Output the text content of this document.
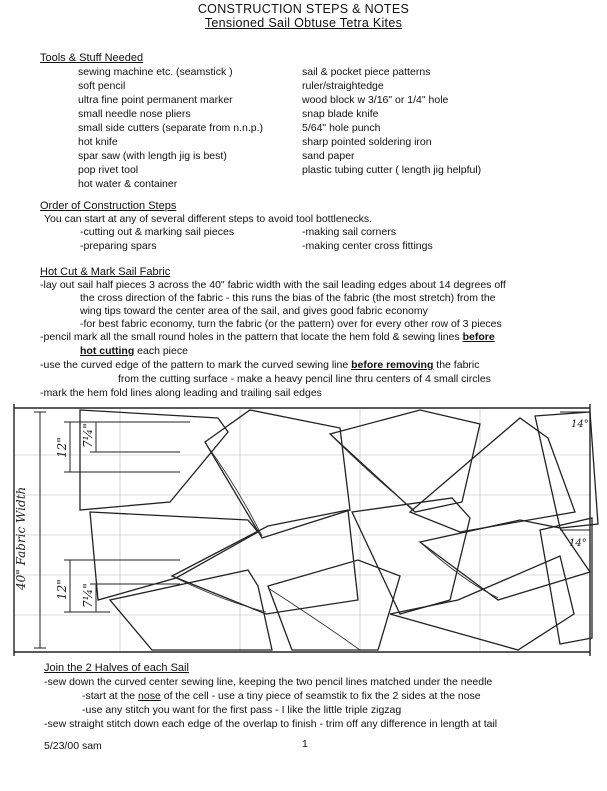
CONSTRUCTION STEPS & NOTES
Tensioned Sail Obtuse Tetra Kites
Tools & Stuff Needed
sewing machine etc. (seamstick )
soft pencil
ultra fine point permanent marker
small needle nose pliers
small side cutters (separate from n.n.p.)
hot knife
spar saw (with length jig is best)
pop rivet tool
hot water & container
sail & pocket piece patterns
ruler/straightedge
wood block w 3/16" or 1/4" hole
snap blade knife
5/64" hole punch
sharp pointed soldering iron
sand paper
plastic tubing cutter ( length jig helpful)
Order of Construction Steps
You can start at any of several different steps to avoid tool bottlenecks.
-cutting out & marking sail pieces
-preparing spars
-making sail corners
-making center cross fittings
Hot Cut & Mark Sail Fabric
-lay out sail half pieces 3 across the 40" fabric width with the sail leading edges about 14 degrees off
the cross direction of the fabric - this runs the bias of the fabric (the most stretch) from the
wing tips toward the center area of the sail, and gives good fabric economy
-for best fabric economy, turn the fabric (or the pattern) over for every other row of 3 pieces
-pencil mark all the small round holes in the pattern that locate the hem fold & sewing lines before
hot cutting each piece
-use the curved edge of the pattern to mark the curved sewing line before removing the fabric
from the cutting surface - make a heavy pencil line thru centers of 4 small circles
-mark the hem fold lines along leading and trailing sail edges
40" Fabric Width
12" 7¼"
12" 7¼"
14°
14°
Join the 2 Halves of each Sail
-sew down the curved center sewing line, keeping the two pencil lines matched under the needle
-start at the nose of the cell - use a tiny piece of seamstik to fix the 2 sides at the nose
-use any stitch you want for the first pass - I like the little triple zigzag
-sew straight stitch down each edge of the overlap to finish - trim off any difference in length at tail
5/23/00 sam	1
